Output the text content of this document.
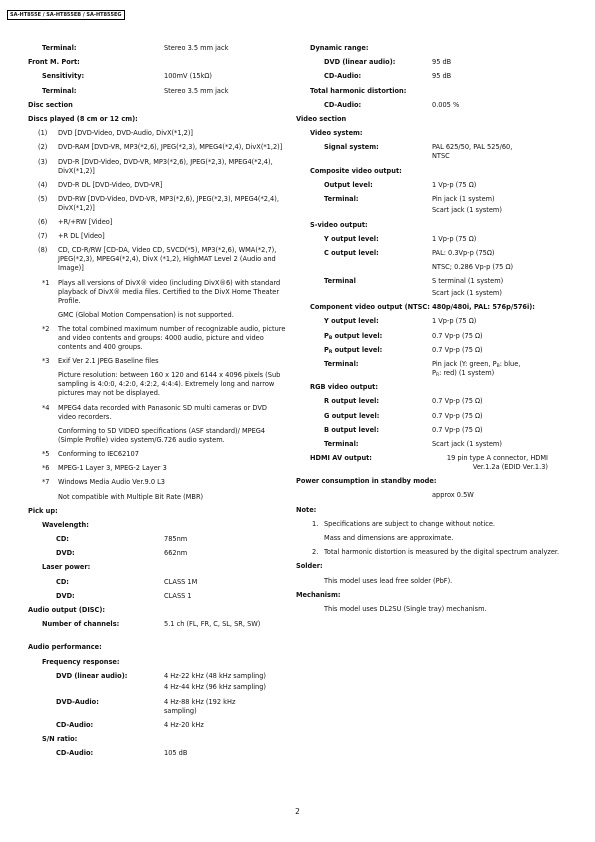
SA-HT855E / SA-HT855EB / SA-HT855EG
Terminal:	Stereo 3.5 mm jack
Front M. Port:
Sensitivity:	100mV (15kΩ)
Terminal:	Stereo 3.5 mm jack
Disc section
Discs played (8 cm or 12 cm):
(1) DVD [DVD-Video, DVD-Audio, DivX(*1,2)]
(2) DVD-RAM [DVD-VR, MP3(*2,6), JPEG(*2,3), MPEG4(*2,4), DivX(*1,2)]
(3) DVD-R [DVD-Video, DVD-VR, MP3(*2,6), JPEG(*2,3), MPEG4(*2,4), DivX(*1,2)]
(4) DVD-R DL [DVD-Video, DVD-VR]
(5) DVD-RW [DVD-Video, DVD-VR, MP3(*2,6), JPEG(*2,3), MPEG4(*2,4), DivX(*1,2)]
(6) +R/+RW [Video]
(7) +R DL [Video]
(8) CD, CD-R/RW [CD-DA, Video CD, SVCD(*5), MP3(*2,6), WMA(*2,7), JPEG(*2,3), MPEG4(*2,4), DivX (*1,2), HighMAT Level 2 (Audio and Image)]
*1 Plays all versions of DivX® video (including DivX®6) with standard playback of DivX® media files. Certified to the DivX Home Theater Profile.
GMC (Global Motion Compensation) is not supported.
*2 The total combined maximum number of recognizable audio, picture and video contents and groups: 4000 audio, picture and video contents and 400 groups.
*3 Exif Ver 2.1 JPEG Baseline files
Picture resolution: between 160 x 120 and 6144 x 4096 pixels (Sub sampling is 4:0:0, 4:2:0, 4:2:2, 4:4:4). Extremely long and narrow pictures may not be displayed.
*4 MPEG4 data recorded with Panasonic SD multi cameras or DVD video recorders.
Conforming to SD VIDEO specifications (ASF standard)/ MPEG4 (Simple Profile) video system/G.726 audio system.
*5 Conforming to IEC62107
*6 MPEG-1 Layer 3, MPEG-2 Layer 3
*7 Windows Media Audio Ver.9.0 L3
Not compatible with Multiple Bit Rate (MBR)
Pick up:
Wavelength:
CD:	785nm
DVD:	662nm
Laser power:
CD:	CLASS 1M
DVD:	CLASS 1
Audio output (DISC):
Number of channels:	5.1 ch (FL, FR, C, SL, SR, SW)

Audio performance:
Frequency response:
DVD (linear audio):	4 Hz-22 kHz (48 kHz sampling)

4 Hz-44 kHz (96 kHz sampling)
DVD-Audio:	4 Hz-88 kHz (192 kHz sampling)

CD-Audio:	4 Hz-20 kHz
S/N ratio:
CD-Audio:	105 dB
Dynamic range:
DVD (linear audio):	95 dB
CD-Audio:	95 dB
Total harmonic distortion:
CD-Audio:	0.005 %
Video section
Video system:
Signal system:	PAL 625/50, PAL 525/60, NTSC

Composite video output:
Output level:	1 Vp-p (75 Ω)
Terminal:	Pin jack (1 system)

Scart jack (1 system)
S-video output:
Y output level:	1 Vp-p (75 Ω)
C output level:	PAL: 0.3Vp-p (75Ω)

NTSC; 0.286 Vp-p (75 Ω)
Terminal	S terminal (1 system)

Scart jack (1 system)
Component video output (NTSC: 480p/480i, PAL: 576p/576i):
Y output level:	1 Vp-p (75 Ω)
$P_B$ output level:	0.7 Vp-p (75 Ω)
$P_R$ output level:	0.7 Vp-p (75 Ω)
Terminal:	Pin jack (Y: green, $P_B$: blue,
$P_R$: red) (1 system)

RGB video output:
R output level:	0.7 Vp-p (75 Ω)
G output level:	0.7 Vp-p (75 Ω)
B output level:	0.7 Vp-p (75 Ω)
Terminal:	Scart jack (1 system)
HDMI AV output:	19 pin type A connector, HDMI Ver.1.2a (EDID Ver.1.3)

Power consumption in standby mode:

approx 0.5W
Note:
1. Specifications are subject to change without notice.
Mass and dimensions are approximate.
2. Total harmonic distortion is measured by the digital spectrum analyzer.
Solder:
This model uses lead free solder (PbF).
Mechanism:
This model uses DL2SU (Single tray) mechanism.
2
